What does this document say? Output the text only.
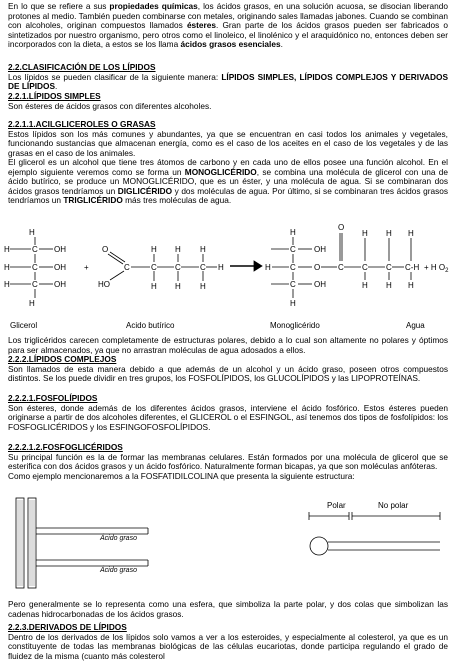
En lo que se refiere a sus propiedades químicas, los ácidos grasos, en una solución acuosa, se disocian liberando protones al medio. También pueden combinarse con metales, originando sales llamadas jabones. Cuando se combinan con alcoholes, originan compuestos llamados ésteres. Gran parte de los ácidos grasos pueden ser fabricados o sintetizados por nuestro organismo, pero otros como el linoleico, el linolénico y el araquidónico no, entonces deben ser incorporados con la dieta, a estos se los llama ácidos grasos esenciales.

2.2.CLASIFICACIÓN DE LOS LÍPIDOS

Los lípidos se pueden clasificar de la siguiente manera: LÍPIDOS SIMPLES, LÍPIDOS COMPLEJOS Y DERIVADOS DE LÍPIDOS.

2.2.1.LÍPIDOS SIMPLES

Son ésteres de ácidos grasos con diferentes alcoholes.

2.2.1.1.ACILGLICEROLES O GRASAS

Estos lípidos son los más comunes y abundantes, ya que se encuentran en casi todos los animales y vegetales, funcionando sustancias que almacenan energía, como es el caso de los aceites en el caso de los vegetales y de las grasas en el caso de los animales.

El glicerol es un alcohol que tiene tres átomos de carbono y en cada uno de ellos posee una función alcohol. En el ejemplo siguiente veremos como se forma un MONOGLICÉRIDO, se combina una molécula de glicerol con una de ácido butírico, se produce un MONOGLICÉRIDO, que es un éster, y una molécula de agua. Si se combinaran dos ácidos grasos tendríamos un DIGLICÉRIDO y dos moléculas de agua. Por último, si se combinaran tres ácidos grasos tendríamos un TRIGLICÉRIDO más tres moléculas de agua.

H
H
H
H
H
C
C
C
OH
OH
OH
+
O
HO
C	C C C
H H H
H H H
H	H
H
H
C
C
C
OH
O
OH
O
C C C C-H
H H H
H H H
+ H $O_2$
Glicerol	Acido butírico	Monoglicérido	Agua

Los triglicéridos carecen completamente de estructuras polares, debido a lo cual son altamente no polares y óptimos para ser almacenados, ya que no arrastran moléculas de agua adosados a ellos.

2.2.2.LÍPIDOS COMPLEJOS

Son llamados de esta manera debido a que además de un alcohol y un ácido graso, poseen otros compuestos distintos. Se los puede dividir en tres grupos, los FOSFOLÍPIDOS, los GLUCOLÍPIDOS y las LIPOPROTEÍNAS.

2.2.2.1.FOSFOLÍPIDOS

Son ésteres, donde además de los diferentes ácidos grasos, interviene el ácido fosfórico. Estos ésteres pueden originarse a partir de dos alcoholes diferentes, el GLICEROL o el ESFINGOL, así tenemos dos tipos de fosfolípidos: los FOSFOGLICÉRIDOS y los ESFINGOFOSFOLÍPIDOS.

2.2.2.1.2.FOSFOGLICÉRIDOS

Su principal función es la de formar las membranas celulares. Están formados por una molécula de glicerol que se esterifica con dos ácidos grasos y un ácido fosfórico. Naturalmente forman bicapas, ya que son moléculas anfóteras.

Como ejemplo mencionaremos a la FOSFATIDILCOLINA que presenta la siguiente estructura:

Ácido graso
Ácido graso
Polar	No polar

Pero generalmente se lo representa como una esfera, que simboliza la parte polar, y dos colas que simbolizan las cadenas hidrocarbonadas de los ácidos grasos.

2.2.3.DERIVADOS DE LÍPIDOS

Dentro de los derivados de los lípidos solo vamos a ver a los esteroides, y especialmente al colesterol, ya que es un constituyente de todas las membranas biológicas de las células eucariotas, donde participa regulando el grado de fluidez de la misma (cuanto más colesterol
